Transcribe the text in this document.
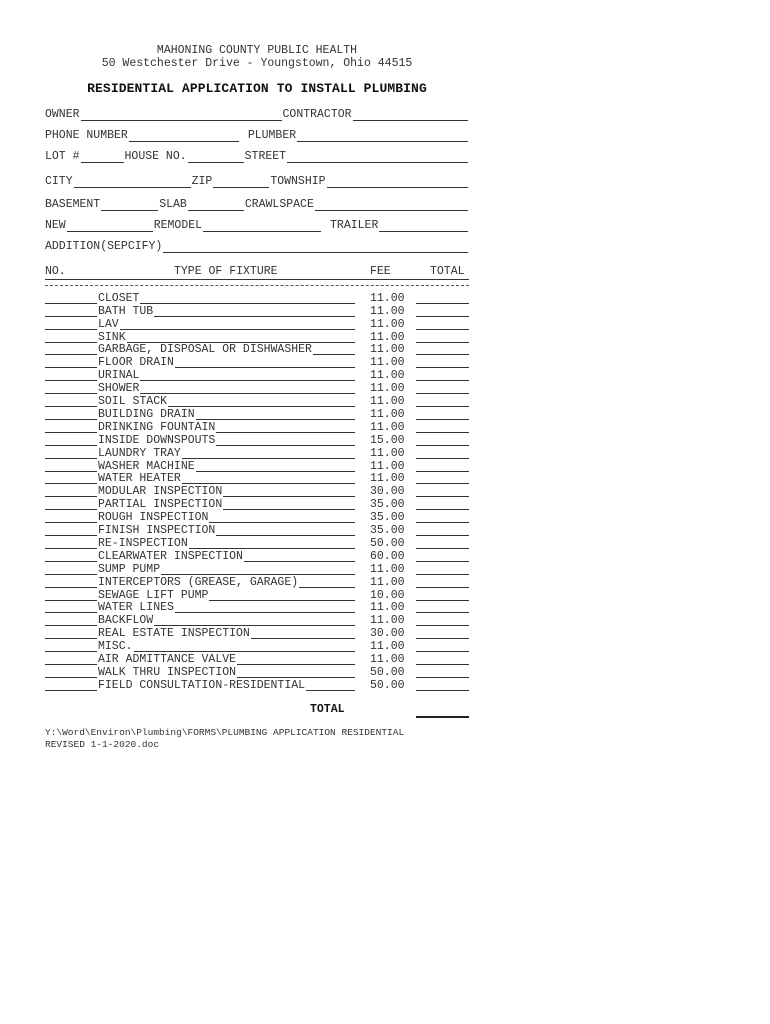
MAHONING COUNTY PUBLIC HEALTH
50 Westchester Drive - Youngstown, Ohio 44515
RESIDENTIAL APPLICATION TO INSTALL PLUMBING
OWNER	CONTRACTOR
PHONE NUMBER	PLUMBER
LOT #	HOUSE NO.	STREET
CITY	ZIP	TOWNSHIP
BASEMENT	SLAB	CRAWLSPACE
NEW	REMODEL	TRAILER
ADDITION(SEPCIFY)
NO.	TYPE OF FIXTURE	FEE	TOTAL
CLOSET	11.00
BATH TUB	11.00
LAV	11.00
SINK	11.00
GARBAGE, DISPOSAL OR DISHWASHER	11.00
FLOOR DRAIN	11.00
URINAL	11.00
SHOWER	11.00
SOIL STACK	11.00
BUILDING DRAIN	11.00
DRINKING FOUNTAIN	11.00
INSIDE DOWNSPOUTS	15.00
LAUNDRY TRAY	11.00
WASHER MACHINE	11.00
WATER HEATER	11.00
MODULAR INSPECTION	30.00
PARTIAL INSPECTION	35.00
ROUGH INSPECTION	35.00
FINISH INSPECTION	35.00
RE-INSPECTION	50.00
CLEARWATER INSPECTION	60.00
SUMP PUMP	11.00
INTERCEPTORS (GREASE, GARAGE)	11.00
SEWAGE LIFT PUMP	10.00
WATER LINES	11.00
BACKFLOW	11.00
REAL ESTATE INSPECTION	30.00
MISC.	11.00
AIR ADMITTANCE VALVE	11.00
WALK THRU INSPECTION	50.00
FIELD CONSULTATION-RESIDENTIAL	50.00
TOTAL
Y:\Word\Environ\Plumbing\FORMS\PLUMBING APPLICATION RESIDENTIAL
REVISED 1-1-2020.doc
